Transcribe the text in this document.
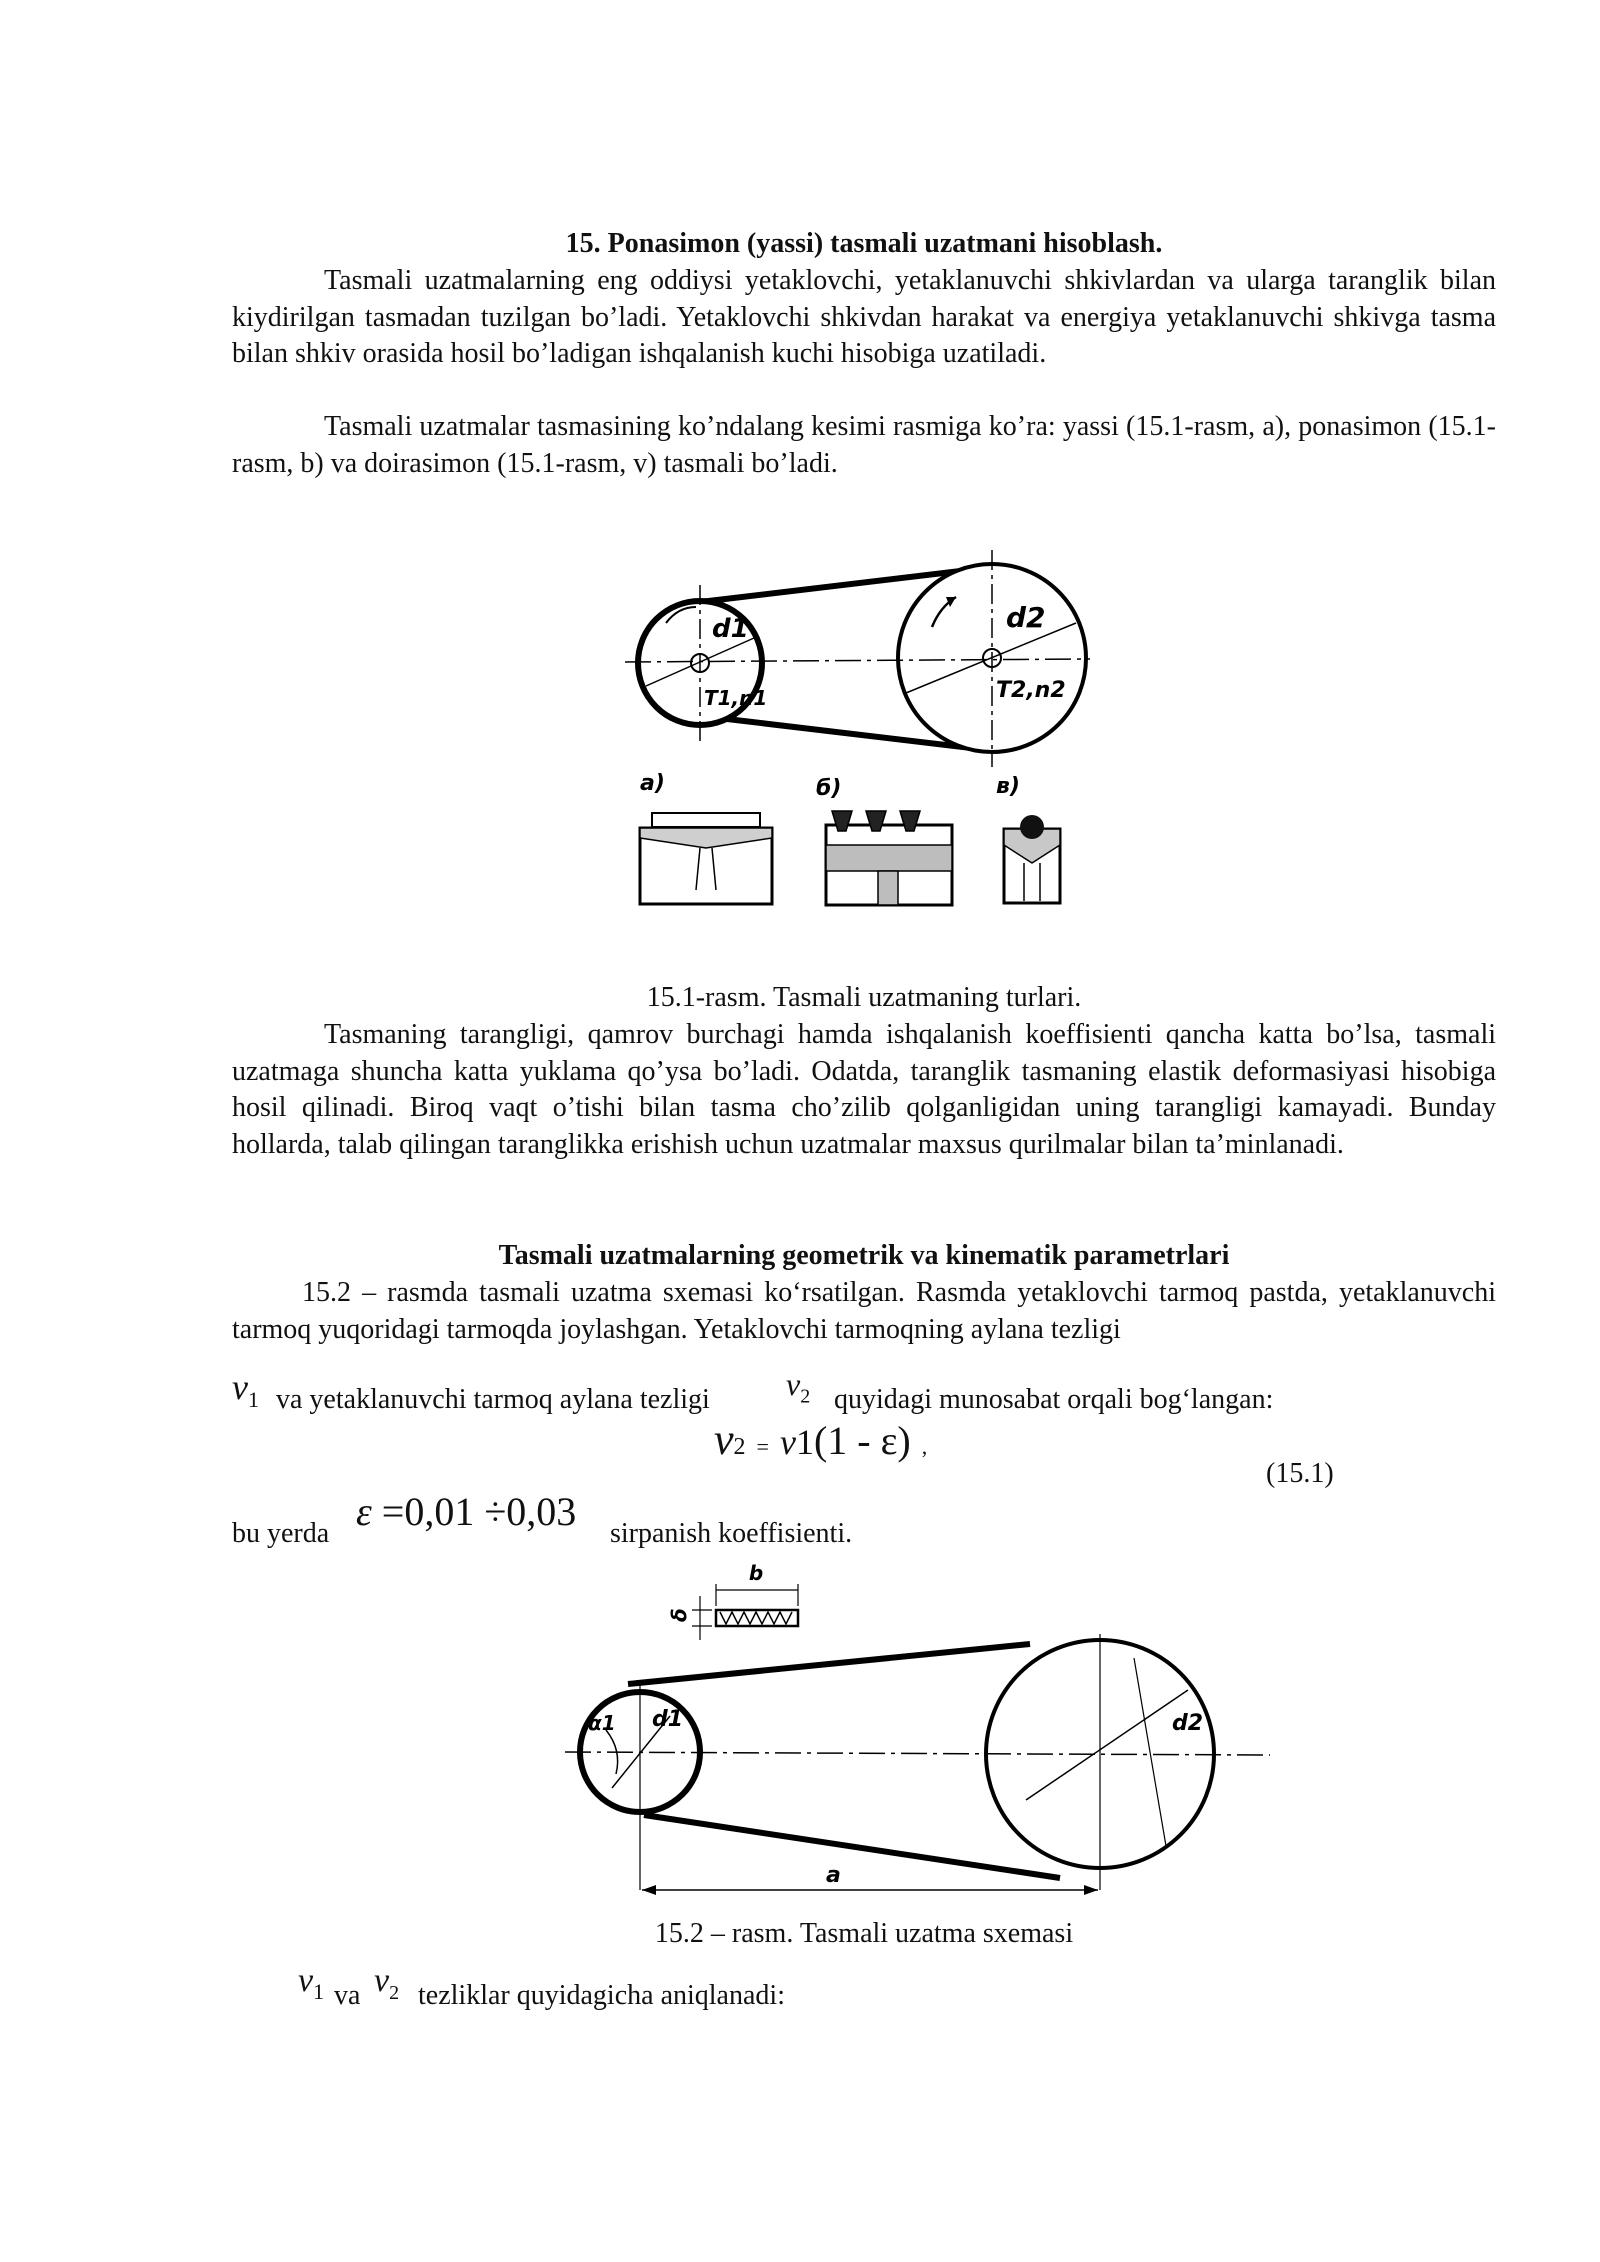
15. Ponasimon (yassi) tasmali uzatmani hisoblash.
Tasmali uzatmalarning eng oddiysi yetaklovchi, yetaklanuvchi shkivlardan va ularga taranglik bilan kiydirilgan tasmadan tuzilgan bo’ladi. Yetaklovchi shkivdan harakat va energiya yetaklanuvchi shkivga tasma bilan shkiv orasida hosil bo’ladigan ishqalanish kuchi hisobiga uzatiladi.
Tasmali uzatmalar tasmasining ko’ndalang kesimi rasmiga ko’ra: yassi (15.1-rasm, a), ponasimon (15.1-rasm, b) va doirasimon (15.1-rasm, v) tasmali bo’ladi.
d1	d2
T1,n1	T2,n2
a)	б)	в)
15.1-rasm. Tasmali uzatmaning turlari.
Tasmaning tarangligi, qamrov burchagi hamda ishqalanish koeffisienti qancha katta bo’lsa, tasmali uzatmaga shuncha katta yuklama qo’ysa bo’ladi. Odatda, taranglik tasmaning elastik deformasiyasi hisobiga hosil qilinadi. Biroq vaqt o’tishi bilan tasma cho’zilib qolganligidan uning tarangligi kamayadi. Bunday hollarda, talab qilingan taranglikka erishish uchun uzatmalar maxsus qurilmalar bilan ta’minlanadi.
Tasmali uzatmalarning geometrik va kinematik parametrlari
15.2 – rasmda tasmali uzatma sxemasi ko‘rsatilgan. Rasmda yetaklovchi tarmoq pastda, yetaklanuvchi tarmoq yuqoridagi tarmoqda joylashgan. Yetaklovchi tarmoqning aylana tezligi
$v_1$ va yetaklanuvchi tarmoq aylana tezligi $v_2$ quyidagi munosabat orqali bog‘langan:
v2 = v1(1 - ε) ,
(15.1)
bu yerda ε =0,01 ÷0,03 sirpanish koeffisienti.
b
δ
α1 d1	d2
a
15.2 – rasm. Tasmali uzatma sxemasi
$v_1$ va $v_2$ tezliklar quyidagicha aniqlanadi:
